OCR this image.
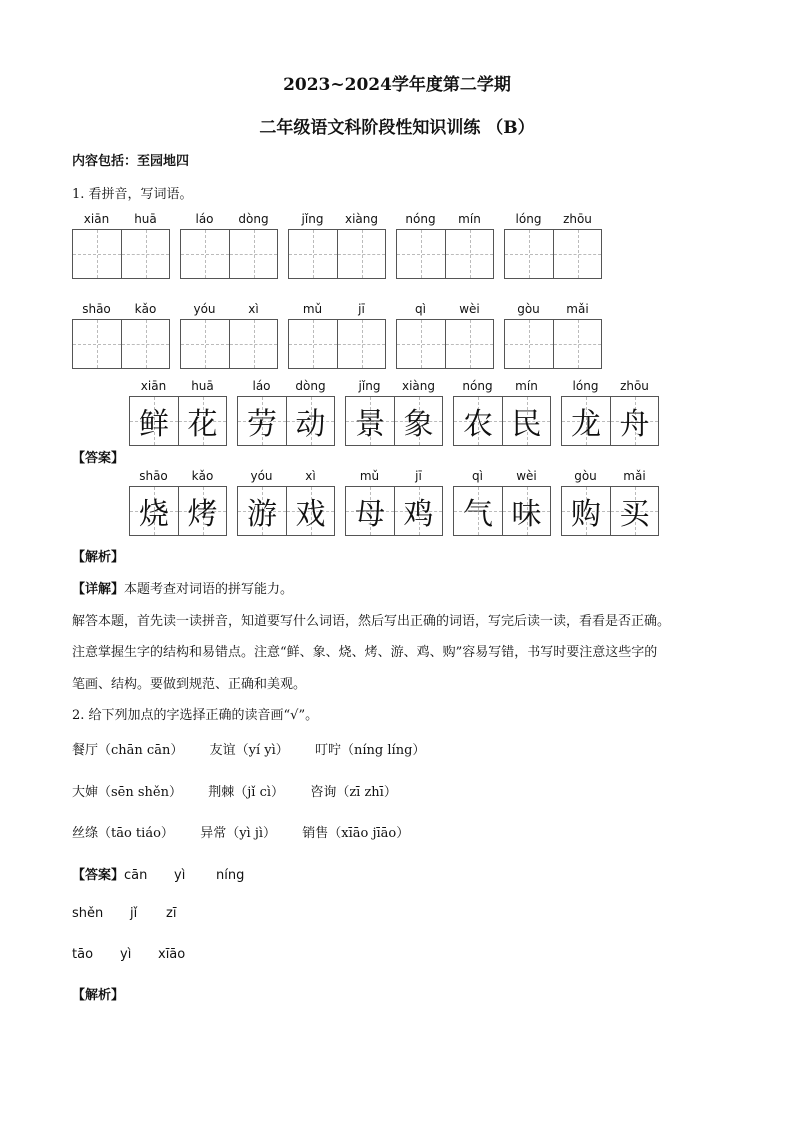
2023~2024学年度第二学期
二年级语文科阶段性知识训练 （B）
内容包括：至园地四
1. 看拼音，写词语。
xiān	huā	láo	dòng	jǐng	xiàng	nóng	mín	lóng	zhōu
shāo	kǎo	yóu	xì	mǔ	jī	qì	wèi	gòu	mǎi
【答案】
xiān	huā
鲜 花
láo	dòng
劳 动
jǐng	xiàng
景 象
nóng	mín
农 民
lóng	zhōu
龙 舟
shāo	kǎo
烧 烤
yóu	xì
游 戏
mǔ	jī
母 鸡
qì	wèi
气 味
gòu	mǎi
购 买
【解析】
【详解】本题考查对词语的拼写能力。
解答本题，首先读一读拼音，知道要写什么词语，然后写出正确的词语，写完后读一读，看看是否正确。
注意掌握生字的结构和易错点。注意“鲜、象、烧、烤、游、鸡、购”容易写错，书写时要注意这些字的
笔画、结构。要做到规范、正确和美观。
2. 给下列加点的字选择正确的读音画“√”。
餐厅（chān cān） 友谊（yí yì） 叮咛（níng líng）
大婶（sēn shěn） 荆棘（jǐ cì） 咨询（zī zhī）
丝绦（tāo tiáo） 异常（yì jì） 销售（xīāo jīāo）
【答案】cān yì níng
shěn jǐ zī
tāo yì xīāo
【解析】
